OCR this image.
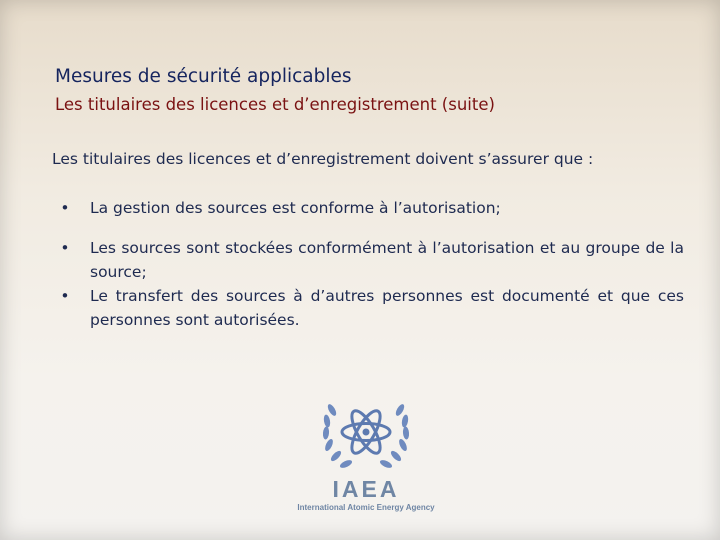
Mesures de sécurité applicables
Les titulaires des licences et d’enregistrement (suite)
Les titulaires des licences et d’enregistrement doivent s’assurer que :
• La gestion des sources est conforme à l’autorisation;
• Les sources sont stockées conformément à l’autorisation et au groupe de la source;
• Le transfert des sources à d’autres personnes est documenté et que ces personnes sont autorisées.
IAEA
International Atomic Energy Agency
